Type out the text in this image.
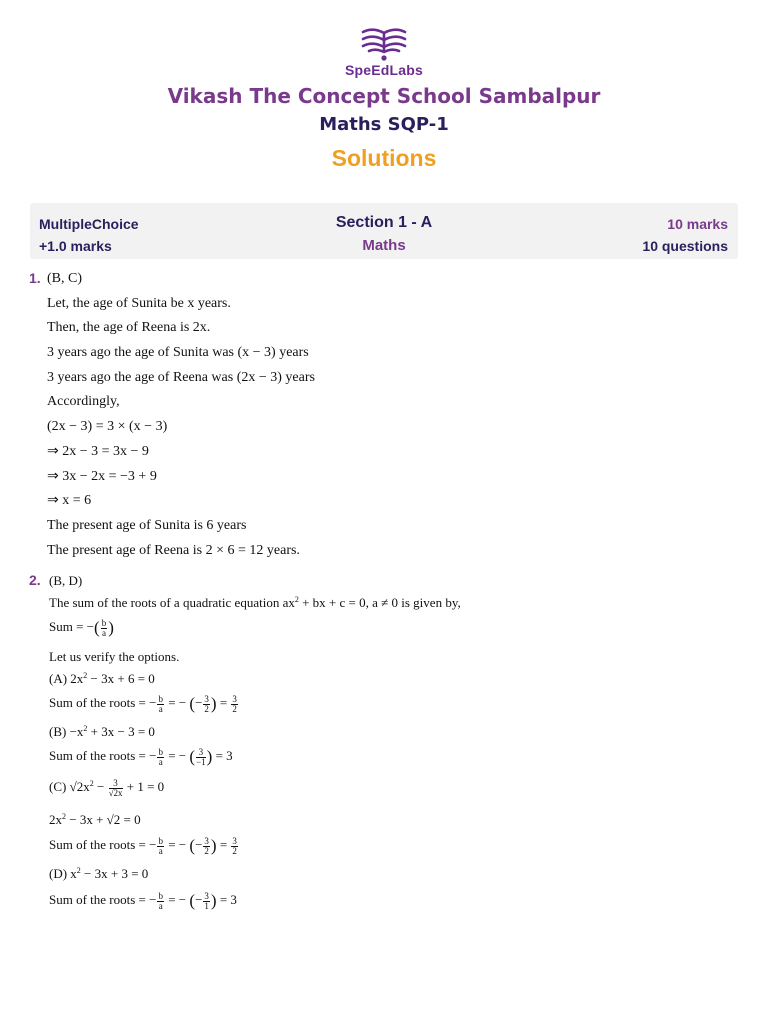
SpeEdLabs
Vikash The Concept School Sambalpur
Maths SQP-1
Solutions
MultipleChoice
+1.0 marks
Section 1 - A
Maths
10 marks
10 questions
1. (B, C)
Let, the age of Sunita be x years.
Then, the age of Reena is 2x.
3 years ago the age of Sunita was (x − 3) years
3 years ago the age of Reena was (2x − 3) years
Accordingly,
(2x − 3) = 3 × (x − 3)
⇒ 2x − 3 = 3x − 9
⇒ 3x − 2x = −3 + 9
⇒ x = 6
The present age of Sunita is 6 years
The present age of Reena is 2 × 6 = 12 years.
2. (B, D)
The sum of the roots of a quadratic equation $ax^2$ + bx + c = 0, a ≠ 0 is given by,
Sum = −( $\frac{b}{a}$ )
Let us verify the options.
(A) $2x^2 - 3x + 6 = 0$
Sum of the roots = − $\frac{b}{a}$ = − (− $\frac{3}{2}$ ) = $\frac{3}{2}$
$(B) -x^2 + 3x - 3 = 0$
Sum of the roots = − $\frac{b}{a}$ = − ( $\frac{3}{-1}$ ) = 3
(C) $√2x^2 - \frac{3}{√2x} + 1 = 0$
$2x^2 - 3x + √2 = 0$
Sum of the roots = − $\frac{b}{a}$ = − (− $\frac{3}{2}$ ) = $\frac{3}{2}$
(D) $x^2 - 3x + 3 = 0$
Sum of the roots = − $\frac{b}{a}$ = − (− $\frac{3}{1}$ ) = 3
